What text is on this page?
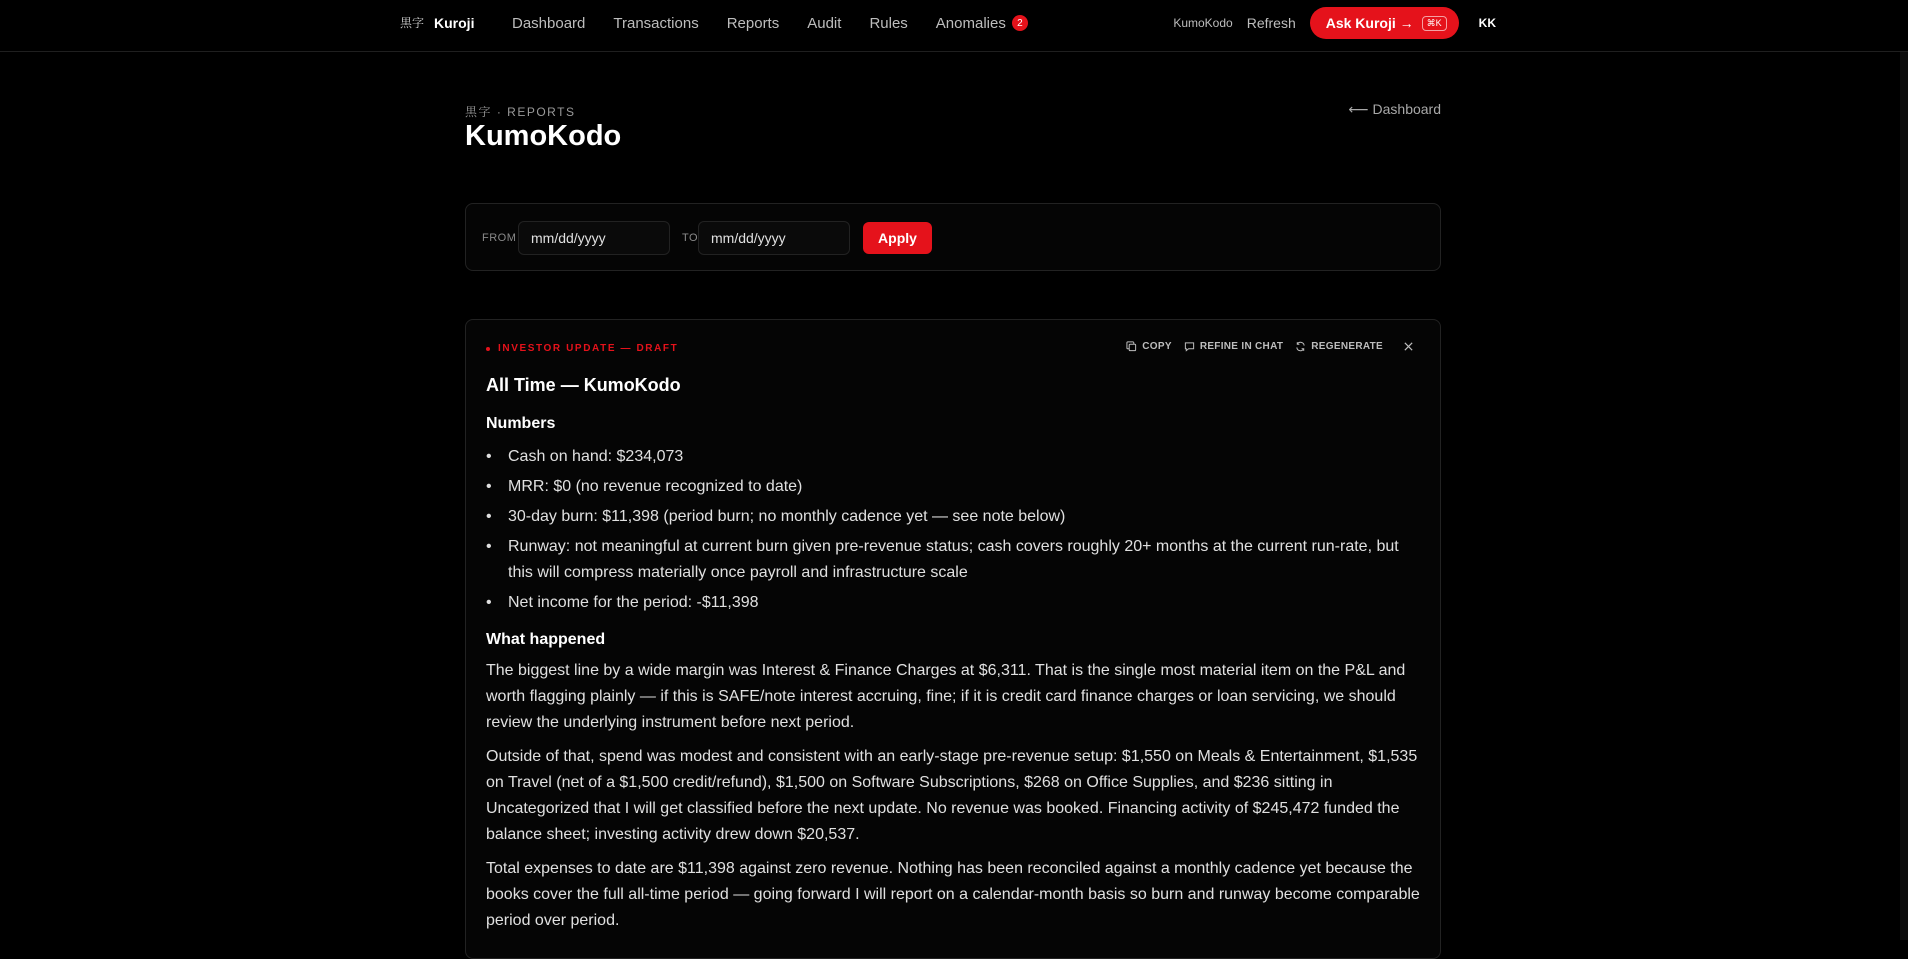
黒字 Kuroji	Dashboard Transactions Reports Audit Rules Anomalies	2	KumoKodo Refresh Ask Kuroji →	⌘K	KK
黒字 · REPORTS
KumoKodo
⟵ Dashboard
FROM	mm/dd/yyyy	TO mm/dd/yyyy	Apply
INVESTOR UPDATE — DRAFT	COPY	REFINE IN CHAT	REGENERATE
All Time — KumoKodo
Numbers
• Cash on hand: $234,073
• MRR: $0 (no revenue recognized to date)
• 30-day burn: $11,398 (period burn; no monthly cadence yet — see note below)
• Runway: not meaningful at current burn given pre-revenue status; cash covers roughly 20+ months at the current run-rate, but this will compress materially once payroll and infrastructure scale
• Net income for the period: -$11,398
What happened

The biggest line by a wide margin was Interest & Finance Charges at $6,311. That is the single most material item on the P&L and worth flagging plainly — if this is SAFE/note interest accruing, fine; if it is credit card finance charges or loan servicing, we should review the underlying instrument before next period.

Outside of that, spend was modest and consistent with an early-stage pre-revenue setup: $1,550 on Meals & Entertainment, $1,535 on Travel (net of a $1,500 credit/refund), $1,500 on Software Subscriptions, $268 on Office Supplies, and $236 sitting in Uncategorized that I will get classified before the next update. No revenue was booked. Financing activity of $245,472 funded the balance sheet; investing activity drew down $20,537.

Total expenses to date are $11,398 against zero revenue. Nothing has been reconciled against a monthly cadence yet because the books cover the full all-time period — going forward I will report on a calendar-month basis so burn and runway become comparable period over period.
